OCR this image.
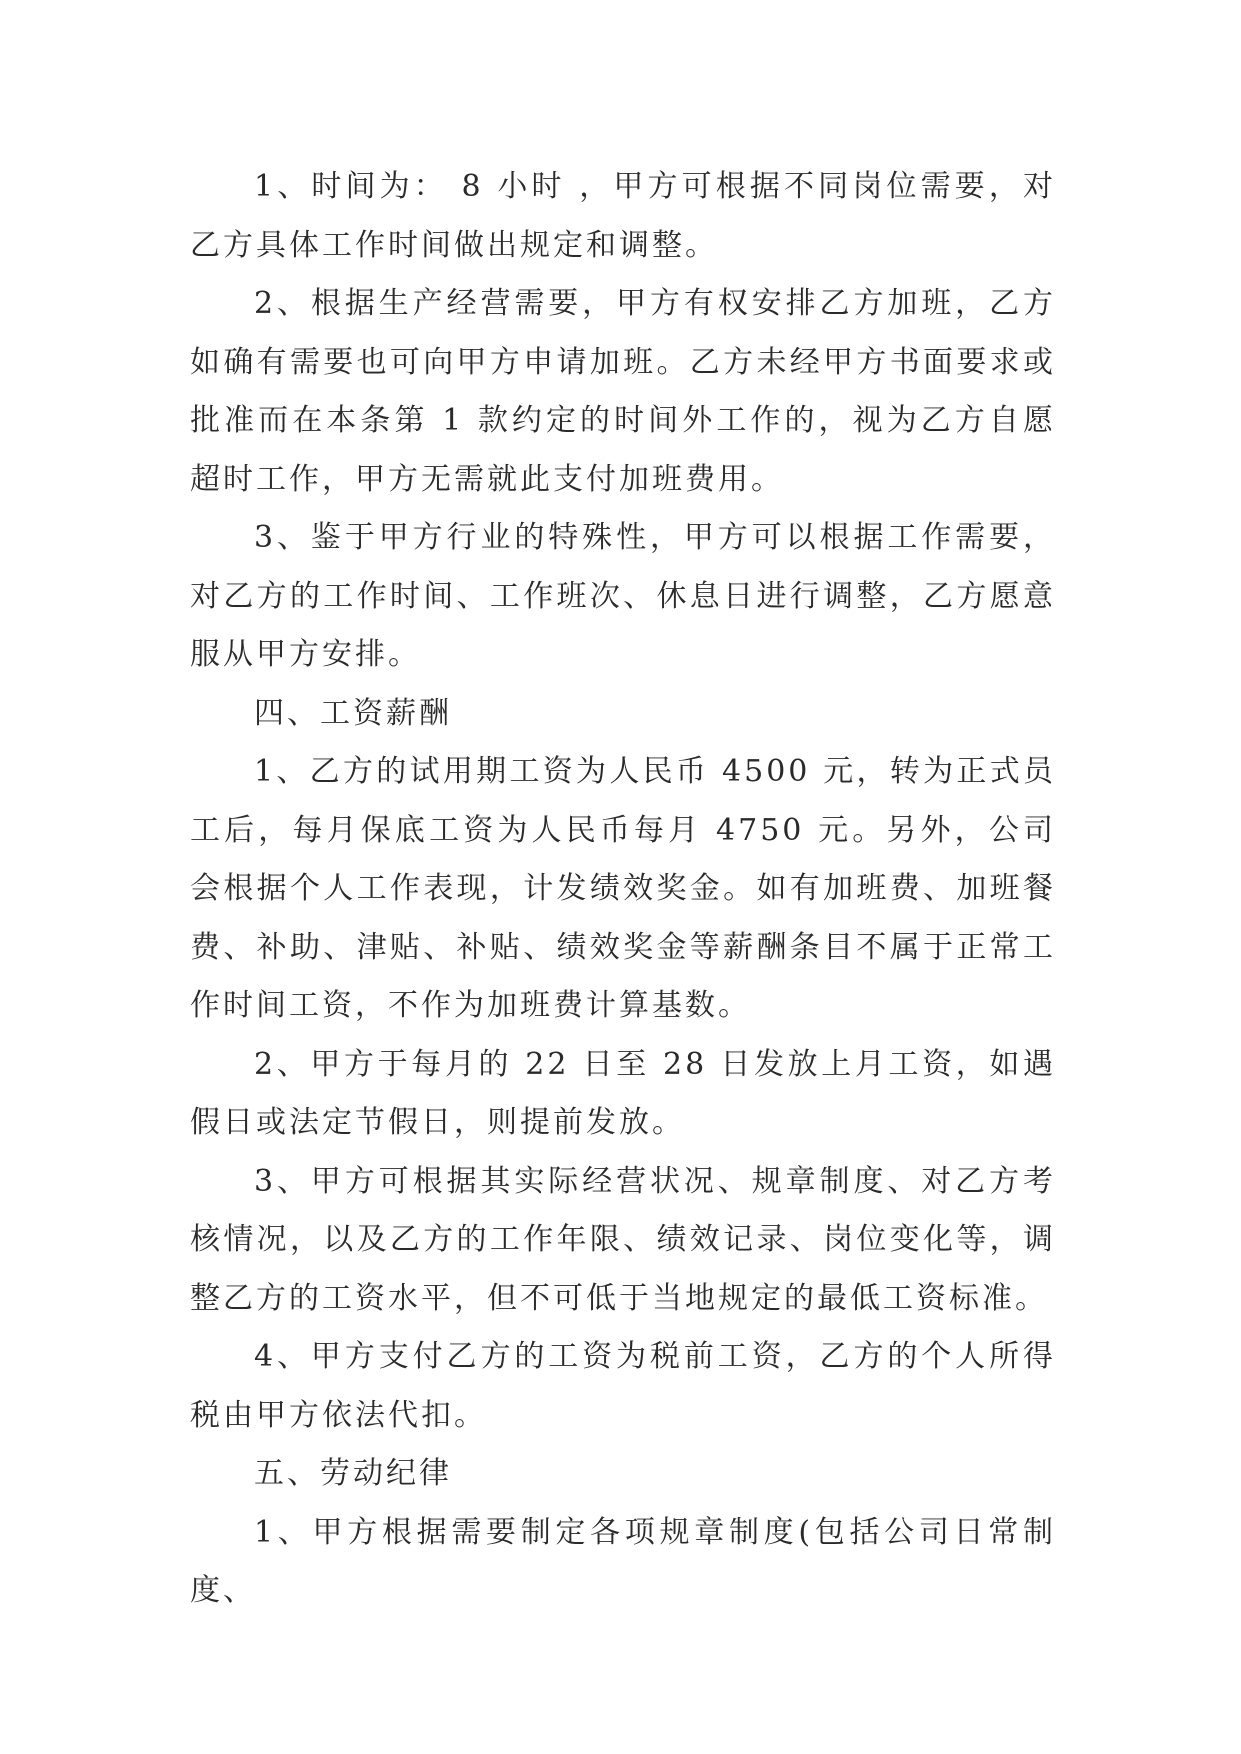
1、时间为： 8 小时 ，甲方可根据不同岗位需要，对乙方具体工作时间做出规定和调整。

2、根据生产经营需要，甲方有权安排乙方加班，乙方如确有需要也可向甲方申请加班。乙方未经甲方书面要求或批准而在本条第 1 款约定的时间外工作的，视为乙方自愿超时工作，甲方无需就此支付加班费用。

3、鉴于甲方行业的特殊性，甲方可以根据工作需要，对乙方的工作时间、工作班次、休息日进行调整，乙方愿意服从甲方安排。

四、工资薪酬

1、乙方的试用期工资为人民币 4500 元，转为正式员工后，每月保底工资为人民币每月 4750 元。另外，公司会根据个人工作表现，计发绩效奖金。如有加班费、加班餐费、补助、津贴、补贴、绩效奖金等薪酬条目不属于正常工作时间工资，不作为加班费计算基数。

2、甲方于每月的 22 日至 28 日发放上月工资，如遇假日或法定节假日，则提前发放。

3、甲方可根据其实际经营状况、规章制度、对乙方考核情况，以及乙方的工作年限、绩效记录、岗位变化等，调整乙方的工资水平，但不可低于当地规定的最低工资标准。

4、甲方支付乙方的工资为税前工资，乙方的个人所得税由甲方依法代扣。

五、劳动纪律

1、甲方根据需要制定各项规章制度(包括公司日常制度、
